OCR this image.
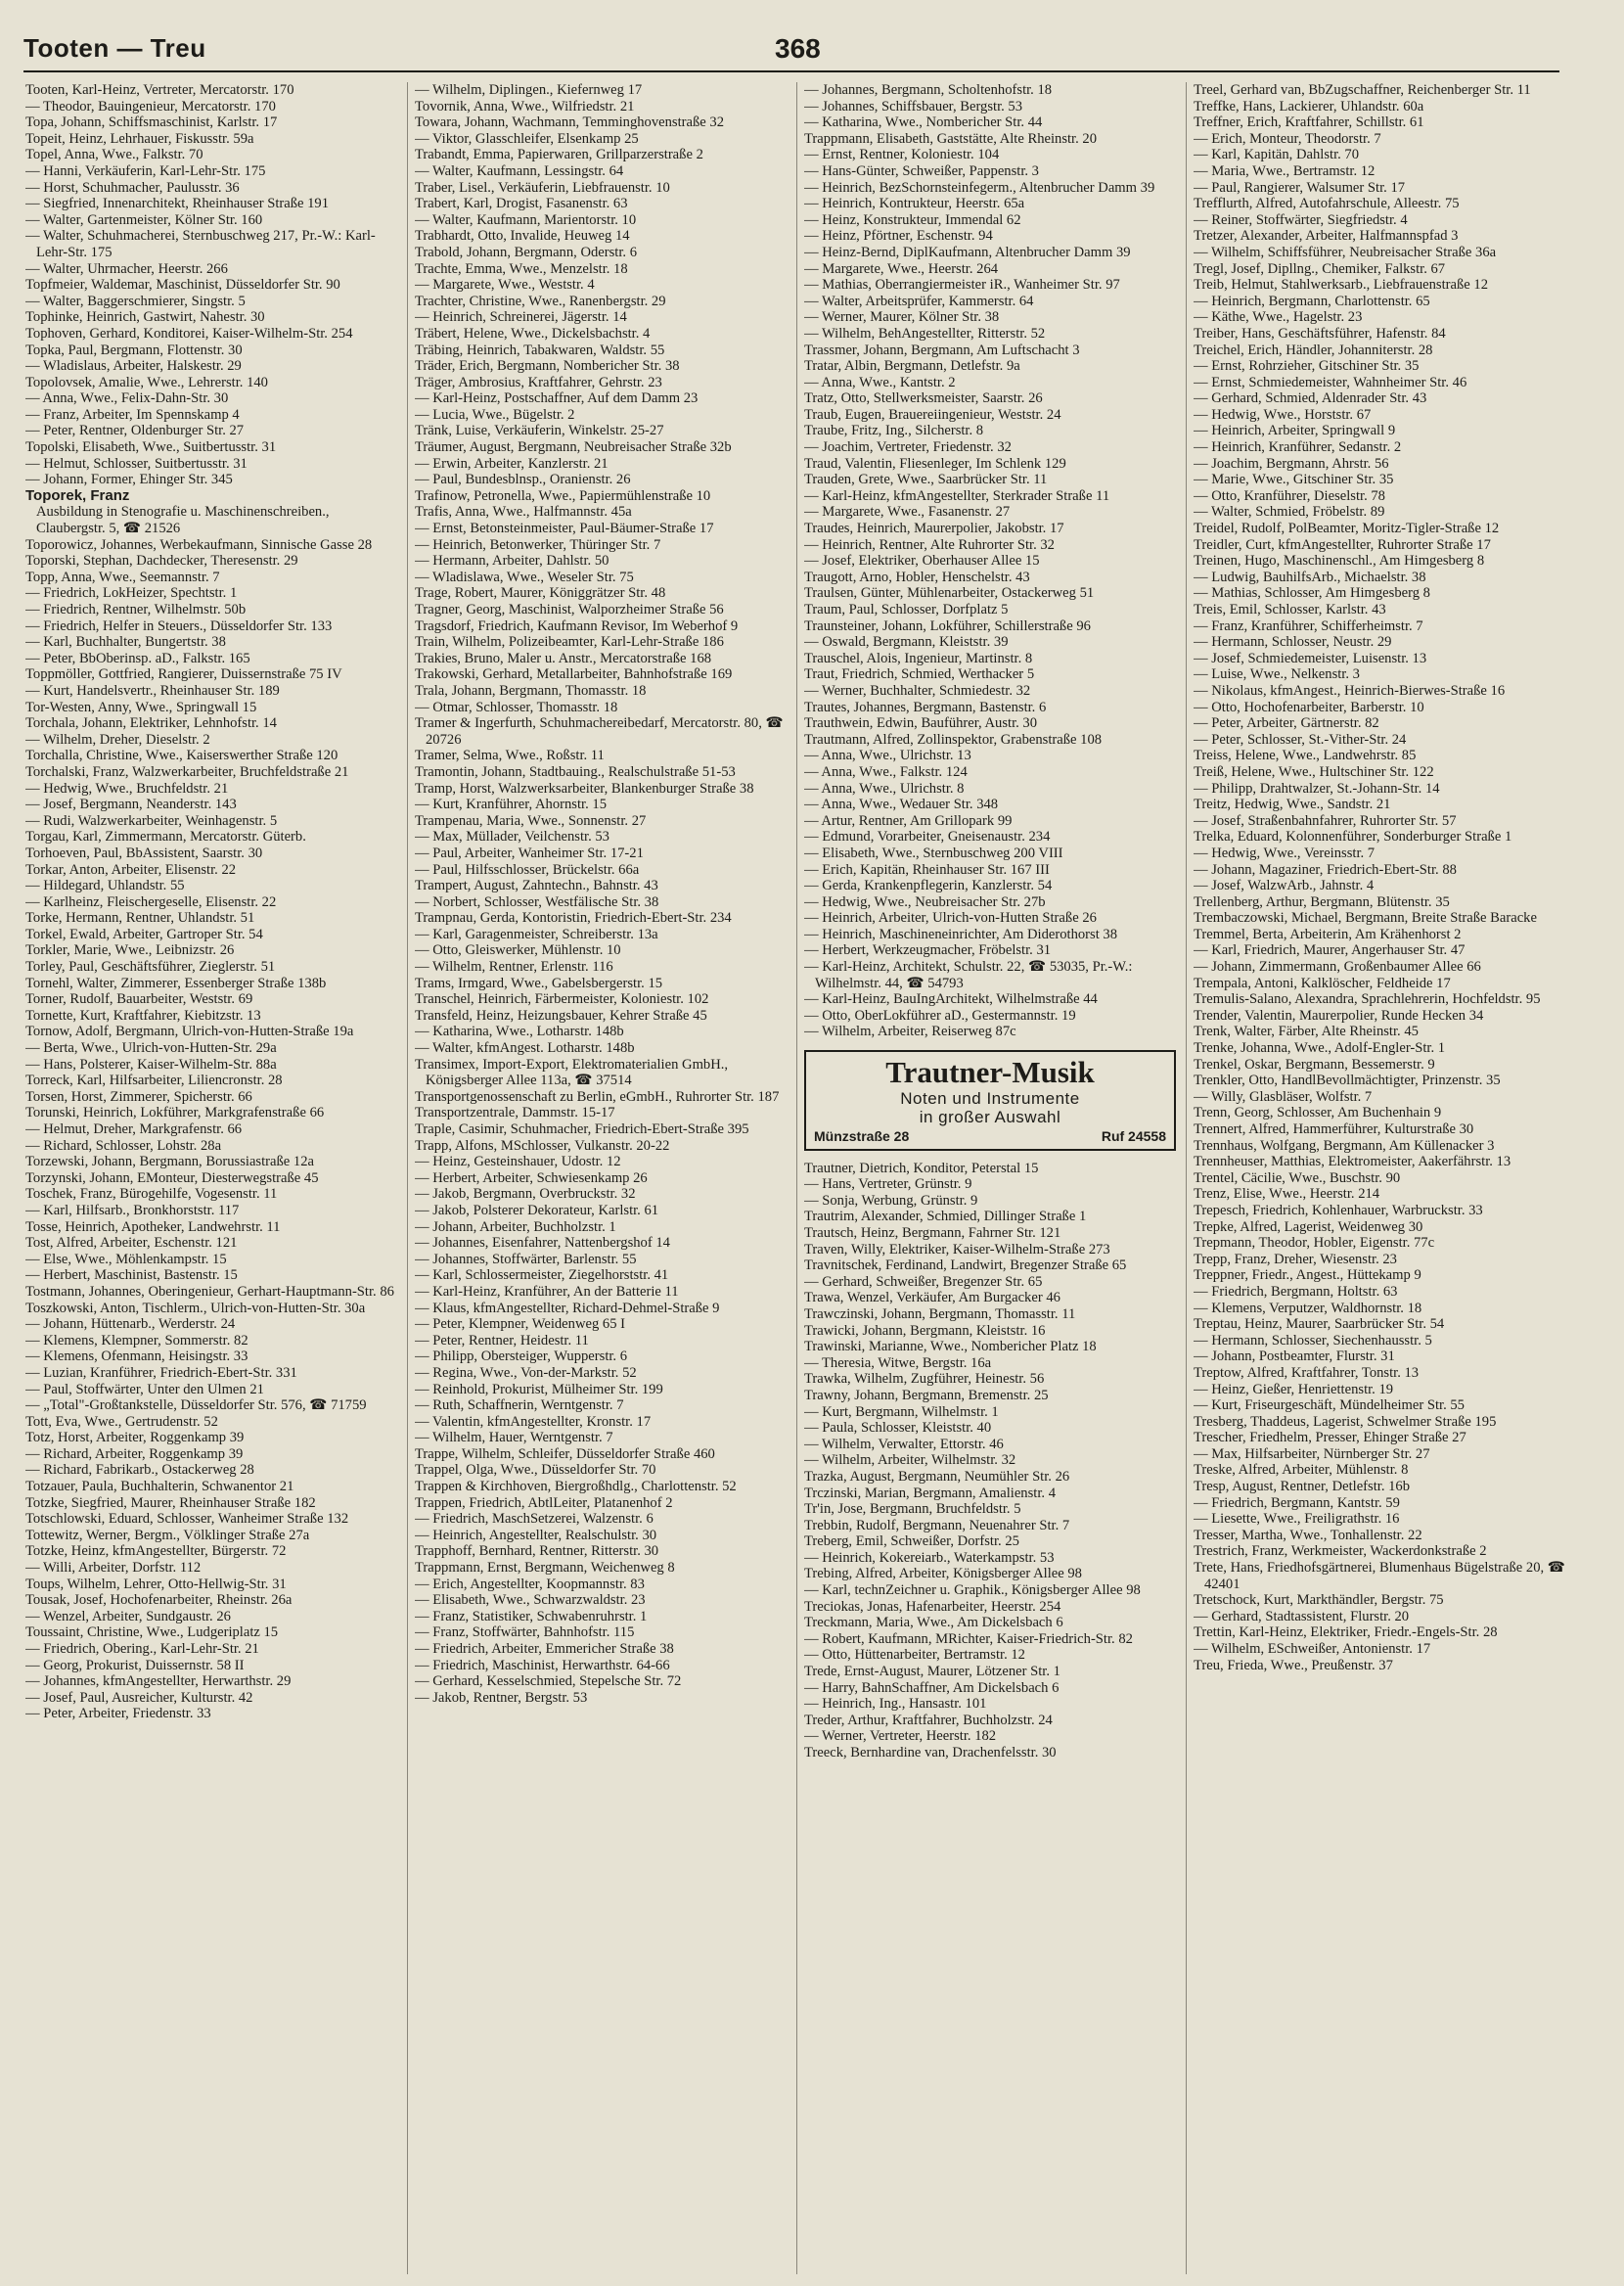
Tooten — Treu	368
Tooten, Karl-Heinz, Vertreter, Mercatorstr. 170
— Theodor, Bauingenieur, Mercatorstr. 170
Topa, Johann, Schiffsmaschinist, Karlstr. 17
Topeit, Heinz, Lehrhauer, Fiskusstr. 59a
Topel, Anna, Wwe., Falkstr. 70
— Hanni, Verkäuferin, Karl-Lehr-Str. 175
— Horst, Schuhmacher, Paulusstr. 36
— Siegfried, Innenarchitekt, Rheinhauser Straße 191
— Walter, Gartenmeister, Kölner Str. 160
— Walter, Schuhmacherei, Sternbuschweg 217, Pr.-W.: Karl-Lehr-Str. 175
— Walter, Uhrmacher, Heerstr. 266
Topfmeier, Waldemar, Maschinist, Düsseldorfer Str. 90
— Walter, Baggerschmierer, Singstr. 5
Tophinke, Heinrich, Gastwirt, Nahestr. 30
Tophoven, Gerhard, Konditorei, Kaiser-Wilhelm-Str. 254
Topka, Paul, Bergmann, Flottenstr. 30
— Wladislaus, Arbeiter, Halskestr. 29
Topolovsek, Amalie, Wwe., Lehrerstr. 140
— Anna, Wwe., Felix-Dahn-Str. 30
— Franz, Arbeiter, Im Spennskamp 4
— Peter, Rentner, Oldenburger Str. 27
Topolski, Elisabeth, Wwe., Suitbertusstr. 31
— Helmut, Schlosser, Suitbertusstr. 31
— Johann, Former, Ehinger Str. 345
Toporek, Franz
Ausbildung in Stenografie u. Maschinenschreiben., Claubergstr. 5, ☎ 21526
Toporowicz, Johannes, Werbekaufmann, Sinnische Gasse 28
Toporski, Stephan, Dachdecker, Theresenstr. 29
Topp, Anna, Wwe., Seemannstr. 7
— Friedrich, LokHeizer, Spechtstr. 1
— Friedrich, Rentner, Wilhelmstr. 50b
— Friedrich, Helfer in Steuers., Düsseldorfer Str. 133
— Karl, Buchhalter, Bungertstr. 38
— Peter, BbOberinsp. aD., Falkstr. 165
Toppmöller, Gottfried, Rangierer, Duissernstraße 75 IV
— Kurt, Handelsvertr., Rheinhauser Str. 189
Tor-Westen, Anny, Wwe., Springwall 15
Torchala, Johann, Elektriker, Lehnhofstr. 14
— Wilhelm, Dreher, Dieselstr. 2
Torchalla, Christine, Wwe., Kaiserswerther Straße 120
Torchalski, Franz, Walzwerkarbeiter, Bruchfeldstraße 21
— Hedwig, Wwe., Bruchfeldstr. 21
— Josef, Bergmann, Neanderstr. 143
— Rudi, Walzwerkarbeiter, Weinhagenstr. 5
Torgau, Karl, Zimmermann, Mercatorstr. Güterb.
Torhoeven, Paul, BbAssistent, Saarstr. 30
Torkar, Anton, Arbeiter, Elisenstr. 22
— Hildegard, Uhlandstr. 55
— Karlheinz, Fleischergeselle, Elisenstr. 22
Torke, Hermann, Rentner, Uhlandstr. 51
Torkel, Ewald, Arbeiter, Gartroper Str. 54
Torkler, Marie, Wwe., Leibnizstr. 26
Torley, Paul, Geschäftsführer, Zieglerstr. 51
Tornehl, Walter, Zimmerer, Essenberger Straße 138b
Torner, Rudolf, Bauarbeiter, Weststr. 69
Tornette, Kurt, Kraftfahrer, Kiebitzstr. 13
Tornow, Adolf, Bergmann, Ulrich-von-Hutten-Straße 19a
— Berta, Wwe., Ulrich-von-Hutten-Str. 29a
— Hans, Polsterer, Kaiser-Wilhelm-Str. 88a
Torreck, Karl, Hilfsarbeiter, Liliencronstr. 28
Torsen, Horst, Zimmerer, Spicherstr. 66
Torunski, Heinrich, Lokführer, Markgrafenstraße 66
— Helmut, Dreher, Markgrafenstr. 66
— Richard, Schlosser, Lohstr. 28a
Torzewski, Johann, Bergmann, Borussiastraße 12a
Torzynski, Johann, EMonteur, Diesterwegstraße 45
Toschek, Franz, Bürogehilfe, Vogesenstr. 11
— Karl, Hilfsarb., Bronkhorststr. 117
Tosse, Heinrich, Apotheker, Landwehrstr. 11
Tost, Alfred, Arbeiter, Eschenstr. 121
— Else, Wwe., Möhlenkampstr. 15
— Herbert, Maschinist, Bastenstr. 15
Tostmann, Johannes, Oberingenieur, Gerhart-Hauptmann-Str. 86
Toszkowski, Anton, Tischlerm., Ulrich-von-Hutten-Str. 30a
— Johann, Hüttenarb., Werderstr. 24
— Klemens, Klempner, Sommerstr. 82
— Klemens, Ofenmann, Heisingstr. 33
— Luzian, Kranführer, Friedrich-Ebert-Str. 331
— Paul, Stoffwärter, Unter den Ulmen 21
— „Total"-Großtankstelle, Düsseldorfer Str. 576, ☎ 71759
Tott, Eva, Wwe., Gertrudenstr. 52
Totz, Horst, Arbeiter, Roggenkamp 39
— Richard, Arbeiter, Roggenkamp 39
— Richard, Fabrikarb., Ostackerweg 28
Totzauer, Paula, Buchhalterin, Schwanentor 21
Totzke, Siegfried, Maurer, Rheinhauser Straße 182
Totschlowski, Eduard, Schlosser, Wanheimer Straße 132
Tottewitz, Werner, Bergm., Völklinger Straße 27a
Totzke, Heinz, kfmAngestellter, Bürgerstr. 72
— Willi, Arbeiter, Dorfstr. 112
Toups, Wilhelm, Lehrer, Otto-Hellwig-Str. 31
Tousak, Josef, Hochofenarbeiter, Rheinstr. 26a
— Wenzel, Arbeiter, Sundgaustr. 26
Toussaint, Christine, Wwe., Ludgeriplatz 15
— Friedrich, Obering., Karl-Lehr-Str. 21
— Georg, Prokurist, Duissernstr. 58 II
— Johannes, kfmAngestellter, Herwarthstr. 29
— Josef, Paul, Ausreicher, Kulturstr. 42
— Peter, Arbeiter, Friedenstr. 33
— Wilhelm, Diplingen., Kiefernweg 17
Tovornik, Anna, Wwe., Wilfriedstr. 21
Towara, Johann, Wachmann, Temminghovenstraße 32
— Viktor, Glasschleifer, Elsenkamp 25
Trabandt, Emma, Papierwaren, Grillparzerstraße 2
— Walter, Kaufmann, Lessingstr. 64
Traber, Lisel., Verkäuferin, Liebfrauenstr. 10
Trabert, Karl, Drogist, Fasanenstr. 63
— Walter, Kaufmann, Marientorstr. 10
Trabhardt, Otto, Invalide, Heuweg 14
Trabold, Johann, Bergmann, Oderstr. 6
Trachte, Emma, Wwe., Menzelstr. 18
— Margarete, Wwe., Weststr. 4
Trachter, Christine, Wwe., Ranenbergstr. 29
— Heinrich, Schreinerei, Jägerstr. 14
Träbert, Helene, Wwe., Dickelsbachstr. 4
Träbing, Heinrich, Tabakwaren, Waldstr. 55
Träder, Erich, Bergmann, Nombericher Str. 38
Träger, Ambrosius, Kraftfahrer, Gehrstr. 23
— Karl-Heinz, Postschaffner, Auf dem Damm 23
— Lucia, Wwe., Bügelstr. 2
Tränk, Luise, Verkäuferin, Winkelstr. 25-27
Träumer, August, Bergmann, Neubreisacher Straße 32b
— Erwin, Arbeiter, Kanzlerstr. 21
— Paul, Bundesblnsp., Oranienstr. 26
Trafinow, Petronella, Wwe., Papiermühlenstraße 10
Trafis, Anna, Wwe., Halfmannstr. 45a
— Ernst, Betonsteinmeister, Paul-Bäumer-Straße 17
— Heinrich, Betonwerker, Thüringer Str. 7
— Hermann, Arbeiter, Dahlstr. 50
— Wladislawa, Wwe., Weseler Str. 75
Trage, Robert, Maurer, Königgrätzer Str. 48
Tragner, Georg, Maschinist, Walporzheimer Straße 56
Tragsdorf, Friedrich, Kaufmann Revisor, Im Weberhof 9
Train, Wilhelm, Polizeibeamter, Karl-Lehr-Straße 186
Trakies, Bruno, Maler u. Anstr., Mercatorstraße 168
Trakowski, Gerhard, Metallarbeiter, Bahnhofstraße 169
Trala, Johann, Bergmann, Thomasstr. 18
— Otmar, Schlosser, Thomasstr. 18
Tramer & Ingerfurth, Schuhmachereibedarf, Mercatorstr. 80, ☎ 20726
Tramer, Selma, Wwe., Roßstr. 11
Tramontin, Johann, Stadtbauing., Realschulstraße 51-53
Tramp, Horst, Walzwerksarbeiter, Blankenburger Straße 38
— Kurt, Kranführer, Ahornstr. 15
Trampenau, Maria, Wwe., Sonnenstr. 27
— Max, Müllader, Veilchenstr. 53
— Paul, Arbeiter, Wanheimer Str. 17-21
— Paul, Hilfsschlosser, Brückelstr. 66a
Trampert, August, Zahntechn., Bahnstr. 43
— Norbert, Schlosser, Westfälische Str. 38
Trampnau, Gerda, Kontoristin, Friedrich-Ebert-Str. 234
— Karl, Garagenmeister, Schreiberstr. 13a
— Otto, Gleiswerker, Mühlenstr. 10
— Wilhelm, Rentner, Erlenstr. 116
Trams, Irmgard, Wwe., Gabelsbergerstr. 15
Transchel, Heinrich, Färbermeister, Koloniestr. 102
Transfeld, Heinz, Heizungsbauer, Kehrer Straße 45
— Katharina, Wwe., Lotharstr. 148b
— Walter, kfmAngest. Lotharstr. 148b
Transimex, Import-Export, Elektromaterialien GmbH., Königsberger Allee 113a, ☎ 37514
Transportgenossenschaft zu Berlin, eGmbH., Ruhrorter Str. 187
Transportzentrale, Dammstr. 15-17
Traple, Casimir, Schuhmacher, Friedrich-Ebert-Straße 395
Trapp, Alfons, MSchlosser, Vulkanstr. 20-22
— Heinz, Gesteinshauer, Udostr. 12
— Herbert, Arbeiter, Schwiesenkamp 26
— Jakob, Bergmann, Overbruckstr. 32
— Jakob, Polsterer Dekorateur, Karlstr. 61
— Johann, Arbeiter, Buchholzstr. 1
— Johannes, Eisenfahrer, Nattenbergshof 14
— Johannes, Stoffwärter, Barlenstr. 55
— Karl, Schlossermeister, Ziegelhorststr. 41
— Karl-Heinz, Kranführer, An der Batterie 11
— Klaus, kfmAngestellter, Richard-Dehmel-Straße 9
— Peter, Klempner, Weidenweg 65 I
— Peter, Rentner, Heidestr. 11
— Philipp, Obersteiger, Wupperstr. 6
— Regina, Wwe., Von-der-Markstr. 52
— Reinhold, Prokurist, Mülheimer Str. 199
— Ruth, Schaffnerin, Werntgenstr. 7
— Valentin, kfmAngestellter, Kronstr. 17
— Wilhelm, Hauer, Werntgenstr. 7
Trappe, Wilhelm, Schleifer, Düsseldorfer Straße 460
Trappel, Olga, Wwe., Düsseldorfer Str. 70
Trappen & Kirchhoven, Biergroßhdlg., Charlottenstr. 52
Trappen, Friedrich, AbtlLeiter, Platanenhof 2
— Friedrich, MaschSetzerei, Walzenstr. 6
— Heinrich, Angestellter, Realschulstr. 30
Trapphoff, Bernhard, Rentner, Ritterstr. 30
Trappmann, Ernst, Bergmann, Weichenweg 8
— Erich, Angestellter, Koopmannstr. 83
— Elisabeth, Wwe., Schwarzwaldstr. 23
— Franz, Statistiker, Schwabenruhrstr. 1
— Franz, Stoffwärter, Bahnhofstr. 115
— Friedrich, Arbeiter, Emmericher Straße 38
— Friedrich, Maschinist, Herwarthstr. 64-66
— Gerhard, Kesselschmied, Stepelsche Str. 72
— Jakob, Rentner, Bergstr. 53
— Johannes, Bergmann, Scholtenhofstr. 18
— Johannes, Schiffsbauer, Bergstr. 53
— Katharina, Wwe., Nombericher Str. 44
Trappmann, Elisabeth, Gaststätte, Alte Rheinstr. 20
— Ernst, Rentner, Koloniestr. 104
— Hans-Günter, Schweißer, Pappenstr. 3
— Heinrich, BezSchornsteinfegerm., Altenbrucher Damm 39
— Heinrich, Kontrukteur, Heerstr. 65a
— Heinz, Konstrukteur, Immendal 62
— Heinz, Pförtner, Eschenstr. 94
— Heinz-Bernd, DiplKaufmann, Altenbrucher Damm 39
— Margarete, Wwe., Heerstr. 264
— Mathias, Oberrangiermeister iR., Wanheimer Str. 97
— Walter, Arbeitsprüfer, Kammerstr. 64
— Werner, Maurer, Kölner Str. 38
— Wilhelm, BehAngestellter, Ritterstr. 52
Trassmer, Johann, Bergmann, Am Luftschacht 3
Tratar, Albin, Bergmann, Detlefstr. 9a
— Anna, Wwe., Kantstr. 2
Tratz, Otto, Stellwerksmeister, Saarstr. 26
Traub, Eugen, Brauereiingenieur, Weststr. 24
Traube, Fritz, Ing., Silcherstr. 8
— Joachim, Vertreter, Friedenstr. 32
Traud, Valentin, Fliesenleger, Im Schlenk 129
Trauden, Grete, Wwe., Saarbrücker Str. 11
— Karl-Heinz, kfmAngestellter, Sterkrader Straße 11
— Margarete, Wwe., Fasanenstr. 27
Traudes, Heinrich, Maurerpolier, Jakobstr. 17
— Heinrich, Rentner, Alte Ruhrorter Str. 32
— Josef, Elektriker, Oberhauser Allee 15
Traugott, Arno, Hobler, Henschelstr. 43
Traulsen, Günter, Mühlenarbeiter, Ostackerweg 51
Traum, Paul, Schlosser, Dorfplatz 5
Traunsteiner, Johann, Lokführer, Schillerstraße 96
— Oswald, Bergmann, Kleiststr. 39
Trauschel, Alois, Ingenieur, Martinstr. 8
Traut, Friedrich, Schmied, Werthacker 5
— Werner, Buchhalter, Schmiedestr. 32
Trautes, Johannes, Bergmann, Bastenstr. 6
Trauthwein, Edwin, Bauführer, Austr. 30
Trautmann, Alfred, Zollinspektor, Grabenstraße 108
— Anna, Wwe., Ulrichstr. 13
— Anna, Wwe., Falkstr. 124
— Anna, Wwe., Ulrichstr. 8
— Anna, Wwe., Wedauer Str. 348
— Artur, Rentner, Am Grillopark 99
— Edmund, Vorarbeiter, Gneisenaustr. 234
— Elisabeth, Wwe., Sternbuschweg 200 VIII
— Erich, Kapitän, Rheinhauser Str. 167 III
— Gerda, Krankenpflegerin, Kanzlerstr. 54
— Hedwig, Wwe., Neubreisacher Str. 27b
— Heinrich, Arbeiter, Ulrich-von-Hutten Straße 26
— Heinrich, Maschineneinrichter, Am Diderothorst 38
— Herbert, Werkzeugmacher, Fröbelstr. 31
— Karl-Heinz, Architekt, Schulstr. 22, ☎ 53035, Pr.-W.: Wilhelmstr. 44, ☎ 54793
— Karl-Heinz, BauIngArchitekt, Wilhelmstraße 44
— Otto, OberLokführer aD., Gestermannstr. 19
— Wilhelm, Arbeiter, Reiserweg 87c
Trautner-Musik
Noten und Instrumente
in großer Auswahl
Münzstraße 28	Ruf 24558
Trautner, Dietrich, Konditor, Peterstal 15
— Hans, Vertreter, Grünstr. 9
— Sonja, Werbung, Grünstr. 9
Trautrim, Alexander, Schmied, Dillinger Straße 1
Trautsch, Heinz, Bergmann, Fahrner Str. 121
Traven, Willy, Elektriker, Kaiser-Wilhelm-Straße 273
Travnitschek, Ferdinand, Landwirt, Bregenzer Straße 65
— Gerhard, Schweißer, Bregenzer Str. 65
Trawa, Wenzel, Verkäufer, Am Burgacker 46
Trawczinski, Johann, Bergmann, Thomasstr. 11
Trawicki, Johann, Bergmann, Kleiststr. 16
Trawinski, Marianne, Wwe., Nombericher Platz 18
— Theresia, Witwe, Bergstr. 16a
Trawka, Wilhelm, Zugführer, Heinestr. 56
Trawny, Johann, Bergmann, Bremenstr. 25
— Kurt, Bergmann, Wilhelmstr. 1
— Paula, Schlosser, Kleiststr. 40
— Wilhelm, Verwalter, Ettorstr. 46
— Wilhelm, Arbeiter, Wilhelmstr. 32
Trazka, August, Bergmann, Neumühler Str. 26
Trczinski, Marian, Bergmann, Amalienstr. 4
Tr'in, Jose, Bergmann, Bruchfeldstr. 5
Trebbin, Rudolf, Bergmann, Neuenahrer Str. 7
Treberg, Emil, Schweißer, Dorfstr. 25
— Heinrich, Kokereiarb., Waterkampstr. 53
Trebing, Alfred, Arbeiter, Königsberger Allee 98
— Karl, technZeichner u. Graphik., Königsberger Allee 98
Treciokas, Jonas, Hafenarbeiter, Heerstr. 254
Treckmann, Maria, Wwe., Am Dickelsbach 6
— Robert, Kaufmann, MRichter, Kaiser-Friedrich-Str. 82
— Otto, Hüttenarbeiter, Bertramstr. 12
Trede, Ernst-August, Maurer, Lötzener Str. 1
— Harry, BahnSchaffner, Am Dickelsbach 6
— Heinrich, Ing., Hansastr. 101
Treder, Arthur, Kraftfahrer, Buchholzstr. 24
— Werner, Vertreter, Heerstr. 182
Treeck, Bernhardine van, Drachenfelsstr. 30
Treel, Gerhard van, BbZugschaffner, Reichenberger Str. 11
Treffke, Hans, Lackierer, Uhlandstr. 60a
Treffner, Erich, Kraftfahrer, Schillstr. 61
— Erich, Monteur, Theodorstr. 7
— Karl, Kapitän, Dahlstr. 70
— Maria, Wwe., Bertramstr. 12
— Paul, Rangierer, Walsumer Str. 17
Trefflurth, Alfred, Autofahrschule, Alleestr. 75
— Reiner, Stoffwärter, Siegfriedstr. 4
Tretzer, Alexander, Arbeiter, Halfmannspfad 3
— Wilhelm, Schiffsführer, Neubreisacher Straße 36a
Tregl, Josef, Dipllng., Chemiker, Falkstr. 67
Treib, Helmut, Stahlwerksarb., Liebfrauenstraße 12
— Heinrich, Bergmann, Charlottenstr. 65
— Käthe, Wwe., Hagelstr. 23
Treiber, Hans, Geschäftsführer, Hafenstr. 84
Treichel, Erich, Händler, Johanniterstr. 28
— Ernst, Rohrzieher, Gitschiner Str. 35
— Ernst, Schmiedemeister, Wahnheimer Str. 46
— Gerhard, Schmied, Aldenrader Str. 43
— Hedwig, Wwe., Horststr. 67
— Heinrich, Arbeiter, Springwall 9
— Heinrich, Kranführer, Sedanstr. 2
— Joachim, Bergmann, Ahrstr. 56
— Marie, Wwe., Gitschiner Str. 35
— Otto, Kranführer, Dieselstr. 78
— Walter, Schmied, Fröbelstr. 89
Treidel, Rudolf, PolBeamter, Moritz-Tigler-Straße 12
Treidler, Curt, kfmAngestellter, Ruhrorter Straße 17
Treinen, Hugo, Maschinenschl., Am Himgesberg 8
— Ludwig, BauhilfsArb., Michaelstr. 38
— Mathias, Schlosser, Am Himgesberg 8
Treis, Emil, Schlosser, Karlstr. 43
— Franz, Kranführer, Schifferheimstr. 7
— Hermann, Schlosser, Neustr. 29
— Josef, Schmiedemeister, Luisenstr. 13
— Luise, Wwe., Nelkenstr. 3
— Nikolaus, kfmAngest., Heinrich-Bierwes-Straße 16
— Otto, Hochofenarbeiter, Barberstr. 10
— Peter, Arbeiter, Gärtnerstr. 82
— Peter, Schlosser, St.-Vither-Str. 24
Treiss, Helene, Wwe., Landwehrstr. 85
Treiß, Helene, Wwe., Hultschiner Str. 122
— Philipp, Drahtwalzer, St.-Johann-Str. 14
Treitz, Hedwig, Wwe., Sandstr. 21
— Josef, Straßenbahnfahrer, Ruhrorter Str. 57
Trelka, Eduard, Kolonnenführer, Sonderburger Straße 1
— Hedwig, Wwe., Vereinsstr. 7
— Johann, Magaziner, Friedrich-Ebert-Str. 88
— Josef, WalzwArb., Jahnstr. 4
Trellenberg, Arthur, Bergmann, Blütenstr. 35
Trembaczowski, Michael, Bergmann, Breite Straße Baracke
Tremmel, Berta, Arbeiterin, Am Krähenhorst 2
— Karl, Friedrich, Maurer, Angerhauser Str. 47
— Johann, Zimmermann, Großenbaumer Allee 66
Trempala, Antoni, Kalklöscher, Feldheide 17
Tremulis-Salano, Alexandra, Sprachlehrerin, Hochfeldstr. 95
Trender, Valentin, Maurerpolier, Runde Hecken 34
Trenk, Walter, Färber, Alte Rheinstr. 45
Trenke, Johanna, Wwe., Adolf-Engler-Str. 1
Trenkel, Oskar, Bergmann, Bessemerstr. 9
Trenkler, Otto, HandlBevollmächtigter, Prinzenstr. 35
— Willy, Glasbläser, Wolfstr. 7
Trenn, Georg, Schlosser, Am Buchenhain 9
Trennert, Alfred, Hammerführer, Kulturstraße 30
Trennhaus, Wolfgang, Bergmann, Am Küllenacker 3
Trennheuser, Matthias, Elektromeister, Aakerfährstr. 13
Trentel, Cäcilie, Wwe., Buschstr. 90
Trenz, Elise, Wwe., Heerstr. 214
Trepesch, Friedrich, Kohlenhauer, Warbruckstr. 33
Trepke, Alfred, Lagerist, Weidenweg 30
Trepmann, Theodor, Hobler, Eigenstr. 77c
Trepp, Franz, Dreher, Wiesenstr. 23
Treppner, Friedr., Angest., Hüttekamp 9
— Friedrich, Bergmann, Holtstr. 63
— Klemens, Verputzer, Waldhornstr. 18
Treptau, Heinz, Maurer, Saarbrücker Str. 54
— Hermann, Schlosser, Siechenhausstr. 5
— Johann, Postbeamter, Flurstr. 31
Treptow, Alfred, Kraftfahrer, Tonstr. 13
— Heinz, Gießer, Henriettenstr. 19
— Kurt, Friseurgeschäft, Mündelheimer Str. 55
Tresberg, Thaddeus, Lagerist, Schwelmer Straße 195
Trescher, Friedhelm, Presser, Ehinger Straße 27
— Max, Hilfsarbeiter, Nürnberger Str. 27
Treske, Alfred, Arbeiter, Mühlenstr. 8
Tresp, August, Rentner, Detlefstr. 16b
— Friedrich, Bergmann, Kantstr. 59
— Liesette, Wwe., Freiligrathstr. 16
Tresser, Martha, Wwe., Tonhallenstr. 22
Trestrich, Franz, Werkmeister, Wackerdonkstraße 2
Trete, Hans, Friedhofsgärtnerei, Blumenhaus Bügelstraße 20, ☎ 42401
Tretschock, Kurt, Markthändler, Bergstr. 75
— Gerhard, Stadtassistent, Flurstr. 20
Trettin, Karl-Heinz, Elektriker, Friedr.-Engels-Str. 28
— Wilhelm, ESchweißer, Antonienstr. 17
Treu, Frieda, Wwe., Preußenstr. 37
